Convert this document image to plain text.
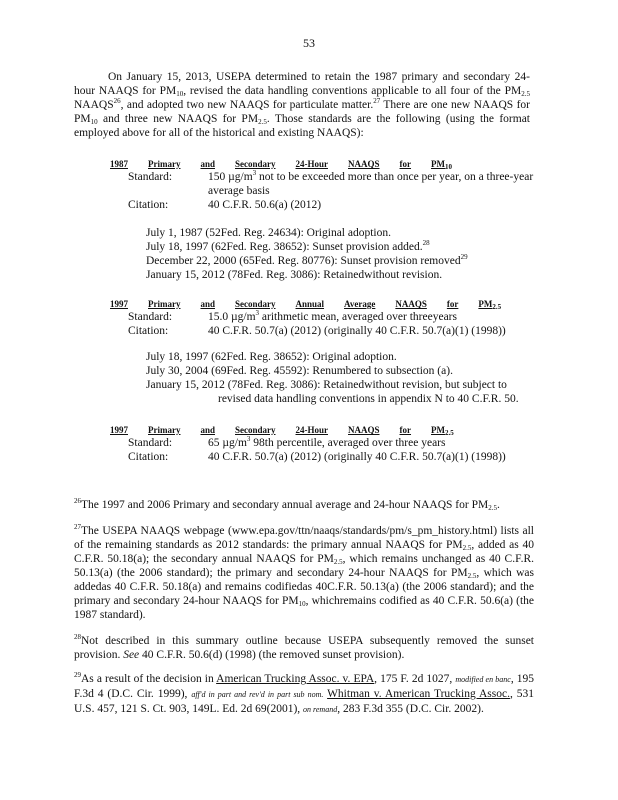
53

On January 15, 2013, USEPA determined to retain the 1987 primary and secondary 24-hour NAAQS for $PM_{10}$, revised the data handling conventions applicable to all four of the $PM_{2.5}$ NAAQS$^{26}$, and adopted two new NAAQS for particulate matter.$^{27}$ There are one new NAAQS for $PM_{10}$ and three new NAAQS for $PM_{2.5}$. Those standards are the following (using the format employed above for all of the historical and existing NAAQS):

1987 Primary and Secondary 24-Hour NAAQS for $PM_{10}$
Standard:	150 $\mu g/m^3$ not to be exceeded more than once per year, on a three-year average basis
Citation:	40 C.F.R. 50.6(a) (2012)
July 1, 1987 (52Fed. Reg. 24634): Original adoption.
July 18, 1997 (62Fed. Reg. 38652): Sunset provision added.$^{28}$
December 22, 2000 (65Fed. Reg. 80776): Sunset provision removed$^{29}$
January 15, 2012 (78Fed. Reg. 3086): Retainedwithout revision.
1997 Primary and Secondary Annual Average NAAQS for $PM_{2.5}$
Standard:	15.0 $\mu g/m^3$ arithmetic mean, averaged over threeyears
Citation:	40 C.F.R. 50.7(a) (2012) (originally 40 C.F.R. 50.7(a)(1) (1998))
July 18, 1997 (62Fed. Reg. 38652): Original adoption.
July 30, 2004 (69Fed. Reg. 45592): Renumbered to subsection (a).
January 15, 2012 (78Fed. Reg. 3086): Retainedwithout revision, but subject to
revised data handling conventions in appendix N to 40 C.F.R. 50.
1997 Primary and Secondary 24-Hour NAAQS for $PM_{2.5}$
Standard:	65 $\mu g/m^3$ 98th percentile, averaged over three years
Citation:	40 C.F.R. 50.7(a) (2012) (originally 40 C.F.R. 50.7(a)(1) (1998))
$^{26}$The 1997 and 2006 Primary and secondary annual average and 24-hour NAAQS for $PM_{2.5}$.
$^{27}$The USEPA NAAQS webpage (www.epa.gov/ttn/naaqs/standards/pm/s_pm_history.html) lists all of the remaining standards as 2012 standards: the primary annual NAAQS for $PM_{2.5}$, added as 40 C.F.R. 50.18(a); the secondary annual NAAQS for $PM_{2.5}$, which remains unchanged as 40 C.F.R. 50.13(a) (the 2006 standard); the primary and secondary 24-hour NAAQS for $PM_{2.5}$, which was addedas 40 C.F.R. 50.18(a) and remains codifiedas 40C.F.R. 50.13(a) (the 2006 standard); and the primary and secondary 24-hour NAAQS for $PM_{10}$, whichremains codified as 40 C.F.R. 50.6(a) (the 1987 standard).
$^{28}$Not described in this summary outline because USEPA subsequently removed the sunset provision. See 40 C.F.R. 50.6(d) (1998) (the removed sunset provision).
$^{29}$As a result of the decision in American Trucking Assoc. v. EPA, 175 F. 2d 1027, modified en banc, 195 F.3d 4 (D.C. Cir. 1999), aff'd in part and rev'd in part sub nom. Whitman v. American Trucking Assoc., 531 U.S. 457, 121 S. Ct. 903, 149L. Ed. 2d 69(2001), on remand, 283 F.3d 355 (D.C. Cir. 2002).
